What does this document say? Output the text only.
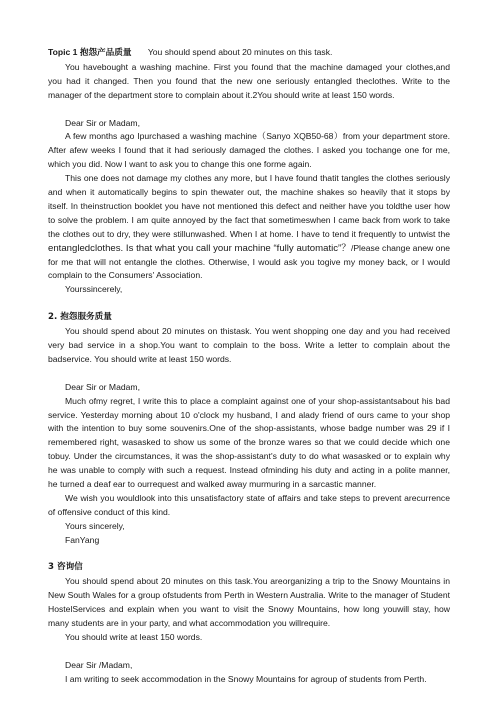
Topic 1 抱怨产品质量 You should spend about 20 minutes on this task.

You havebought a washing machine. First you found that the machine damaged your clothes,and you had it changed. Then you found that the new one seriously entangled theclothes. Write to the manager of the department store to complain about it.2You should write at least 150 words.

Dear Sir or Madam,

A few months ago Ipurchased a washing machine（Sanyo XQB50-68）from your department store. After afew weeks I found that it had seriously damaged the clothes. I asked you tochange one for me, which you did. Now I want to ask you to change this one forme again.

This one does not damage my clothes any more, but I have found thatit tangles the clothes seriously and when it automatically begins to spin thewater out, the machine shakes so heavily that it stops by itself. In theinstruction booklet you have not mentioned this defect and neither have you toldthe user how to solve the problem. I am quite annoyed by the fact that sometimeswhen I came back from work to take the clothes out to dry, they were stillunwashed. When I at home. I have to tend it frequently to untwist the entangledclothes. Is that what you call your machine “fully automatic”？/Please change anew one for me that will not entangle the clothes. Otherwise, I would ask you togive my money back, or I would complain to the Consumers' Association.

Yourssincerely,

2. 抱怨服务质量

You should spend about 20 minutes on thistask. You went shopping one day and you had received very bad service in a shop.You want to complain to the boss. Write a letter to complain about the badservice. You should write at least 150 words.

Dear Sir or Madam,

Much ofmy regret, I write this to place a complaint against one of your shop-assistantsabout his bad service. Yesterday morning about 10 o'clock my husband, I and alady friend of ours came to your shop with the intention to buy some souvenirs.One of the shop-assistants, whose badge number was 29 if I remembered right, wasasked to show us some of the bronze wares so that we could decide which one tobuy. Under the circumstances, it was the shop-assistant's duty to do what wasasked or to explain why he was unable to comply with such a request. Instead ofminding his duty and acting in a polite manner, he turned a deaf ear to ourrequest and walked away murmuring in a sarcastic manner.

We wish you wouldlook into this unsatisfactory state of affairs and take steps to prevent arecurrence of offensive conduct of this kind.

Yours sincerely,

FanYang

3 咨询信

You should spend about 20 minutes on this task.You areorganizing a trip to the Snowy Mountains in New South Wales for a group ofstudents from Perth in Western Australia. Write to the manager of Student HostelServices and explain when you want to visit the Snowy Mountains, how long youwill stay, how many students are in your party, and what accommodation you willrequire.

You should write at least 150 words.

Dear Sir /Madam,

I am writing to seek accommodation in the Snowy Mountains for agroup of students from Perth.
